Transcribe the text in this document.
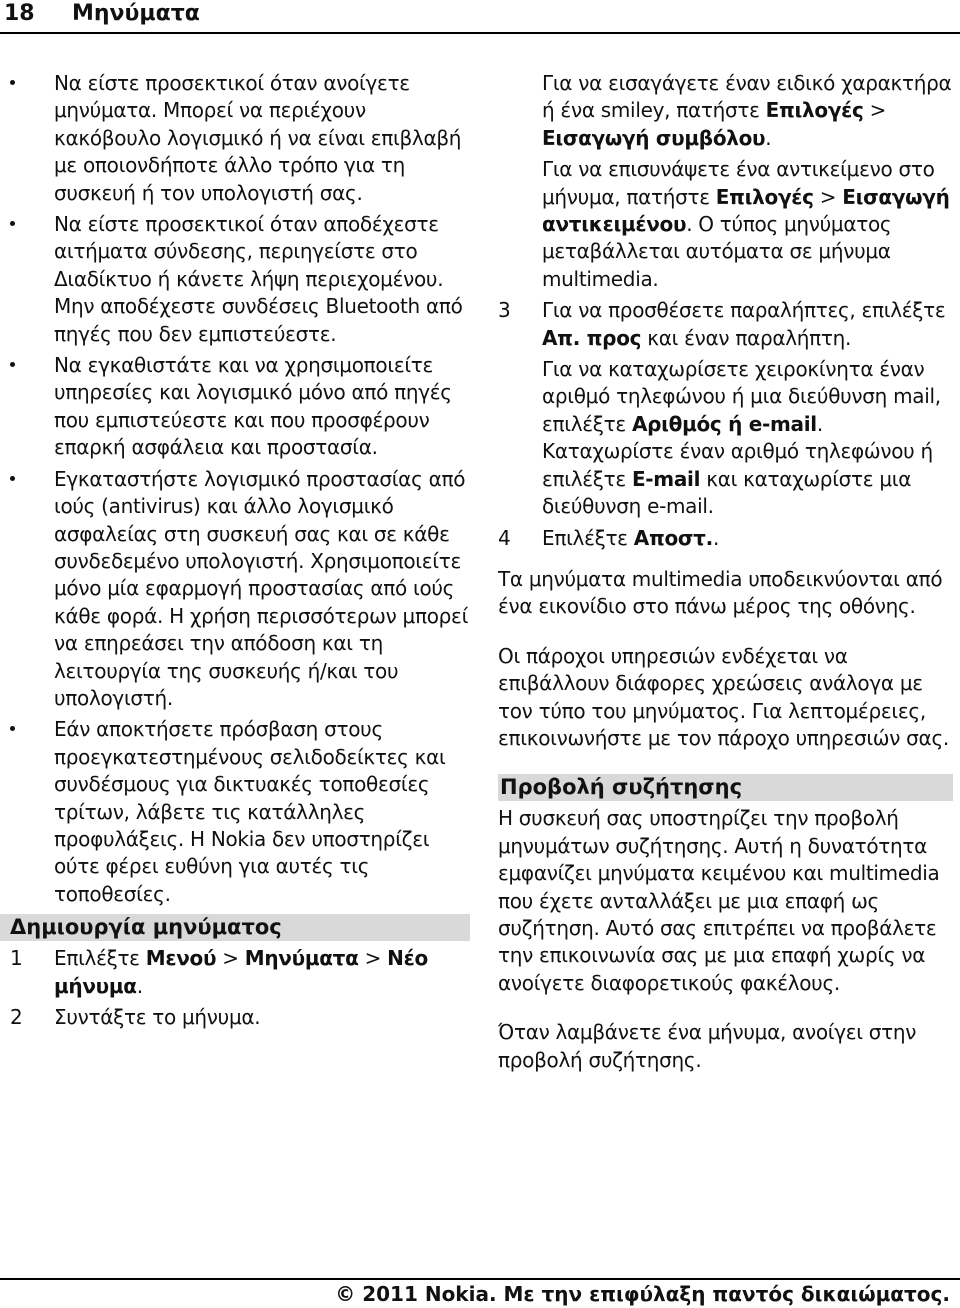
18 Μηνύματα
Να είστε προσεκτικοί όταν ανοίγετε μηνύματα. Μπορεί να περιέχουν κακόβουλο λογισμικό ή να είναι επιβλαβή με οποιονδήποτε άλλο τρόπο για τη συσκευή ή τον υπολογιστή σας.
Να είστε προσεκτικοί όταν αποδέχεστε αιτήματα σύνδεσης, περιηγείστε στο Διαδίκτυο ή κάνετε λήψη περιεχομένου. Μην αποδέχεστε συνδέσεις Bluetooth από πηγές που δεν εμπιστεύεστε.
Να εγκαθιστάτε και να χρησιμοποιείτε υπηρεσίες και λογισμικό μόνο από πηγές που εμπιστεύεστε και που προσφέρουν επαρκή ασφάλεια και προστασία.
Εγκαταστήστε λογισμικό προστασίας από ιούς (antivirus) και άλλο λογισμικό ασφαλείας στη συσκευή σας και σε κάθε συνδεδεμένο υπολογιστή. Χρησιμοποιείτε μόνο μία εφαρμογή προστασίας από ιούς κάθε φορά. Η χρήση περισσότερων μπορεί να επηρεάσει την απόδοση και τη λειτουργία της συσκευής ή/και του υπολογιστή.
Εάν αποκτήσετε πρόσβαση στους προεγκατεστημένους σελιδοδείκτες και συνδέσμους για δικτυακές τοποθεσίες τρίτων, λάβετε τις κατάλληλες προφυλάξεις. Η Nokia δεν υποστηρίζει ούτε φέρει ευθύνη για αυτές τις τοποθεσίες.
Δημιουργία μηνύματος
1 Επιλέξτε Μενού > Μηνύματα > Νέο μήνυμα.
2 Συντάξτε το μήνυμα.
Για να εισαγάγετε έναν ειδικό χαρακτήρα ή ένα smiley, πατήστε Επιλογές > Εισαγωγή συμβόλου.
Για να επισυνάψετε ένα αντικείμενο στο μήνυμα, πατήστε Επιλογές > Εισαγωγή αντικειμένου. Ο τύπος μηνύματος μεταβάλλεται αυτόματα σε μήνυμα multimedia.
3 Για να προσθέσετε παραλήπτες, επιλέξτε Απ. προς και έναν παραλήπτη.
Για να καταχωρίσετε χειροκίνητα έναν αριθμό τηλεφώνου ή μια διεύθυνση mail, επιλέξτε Αριθμός ή e-mail. Καταχωρίστε έναν αριθμό τηλεφώνου ή επιλέξτε E-mail και καταχωρίστε μια διεύθυνση e-mail.
4 Επιλέξτε Αποστ..
Τα μηνύματα multimedia υποδεικνύονται από ένα εικονίδιο στο πάνω μέρος της οθόνης.
Οι πάροχοι υπηρεσιών ενδέχεται να επιβάλλουν διάφορες χρεώσεις ανάλογα με τον τύπο του μηνύματος. Για λεπτομέρειες, επικοινωνήστε με τον πάροχο υπηρεσιών σας.
Προβολή συζήτησης
Η συσκευή σας υποστηρίζει την προβολή μηνυμάτων συζήτησης. Αυτή η δυνατότητα εμφανίζει μηνύματα κειμένου και multimedia που έχετε ανταλλάξει με μια επαφή ως συζήτηση. Αυτό σας επιτρέπει να προβάλετε την επικοινωνία σας με μια επαφή χωρίς να ανοίγετε διαφορετικούς φακέλους.
Όταν λαμβάνετε ένα μήνυμα, ανοίγει στην προβολή συζήτησης.
© 2011 Nokia. Με την επιφύλαξη παντός δικαιώματος.
